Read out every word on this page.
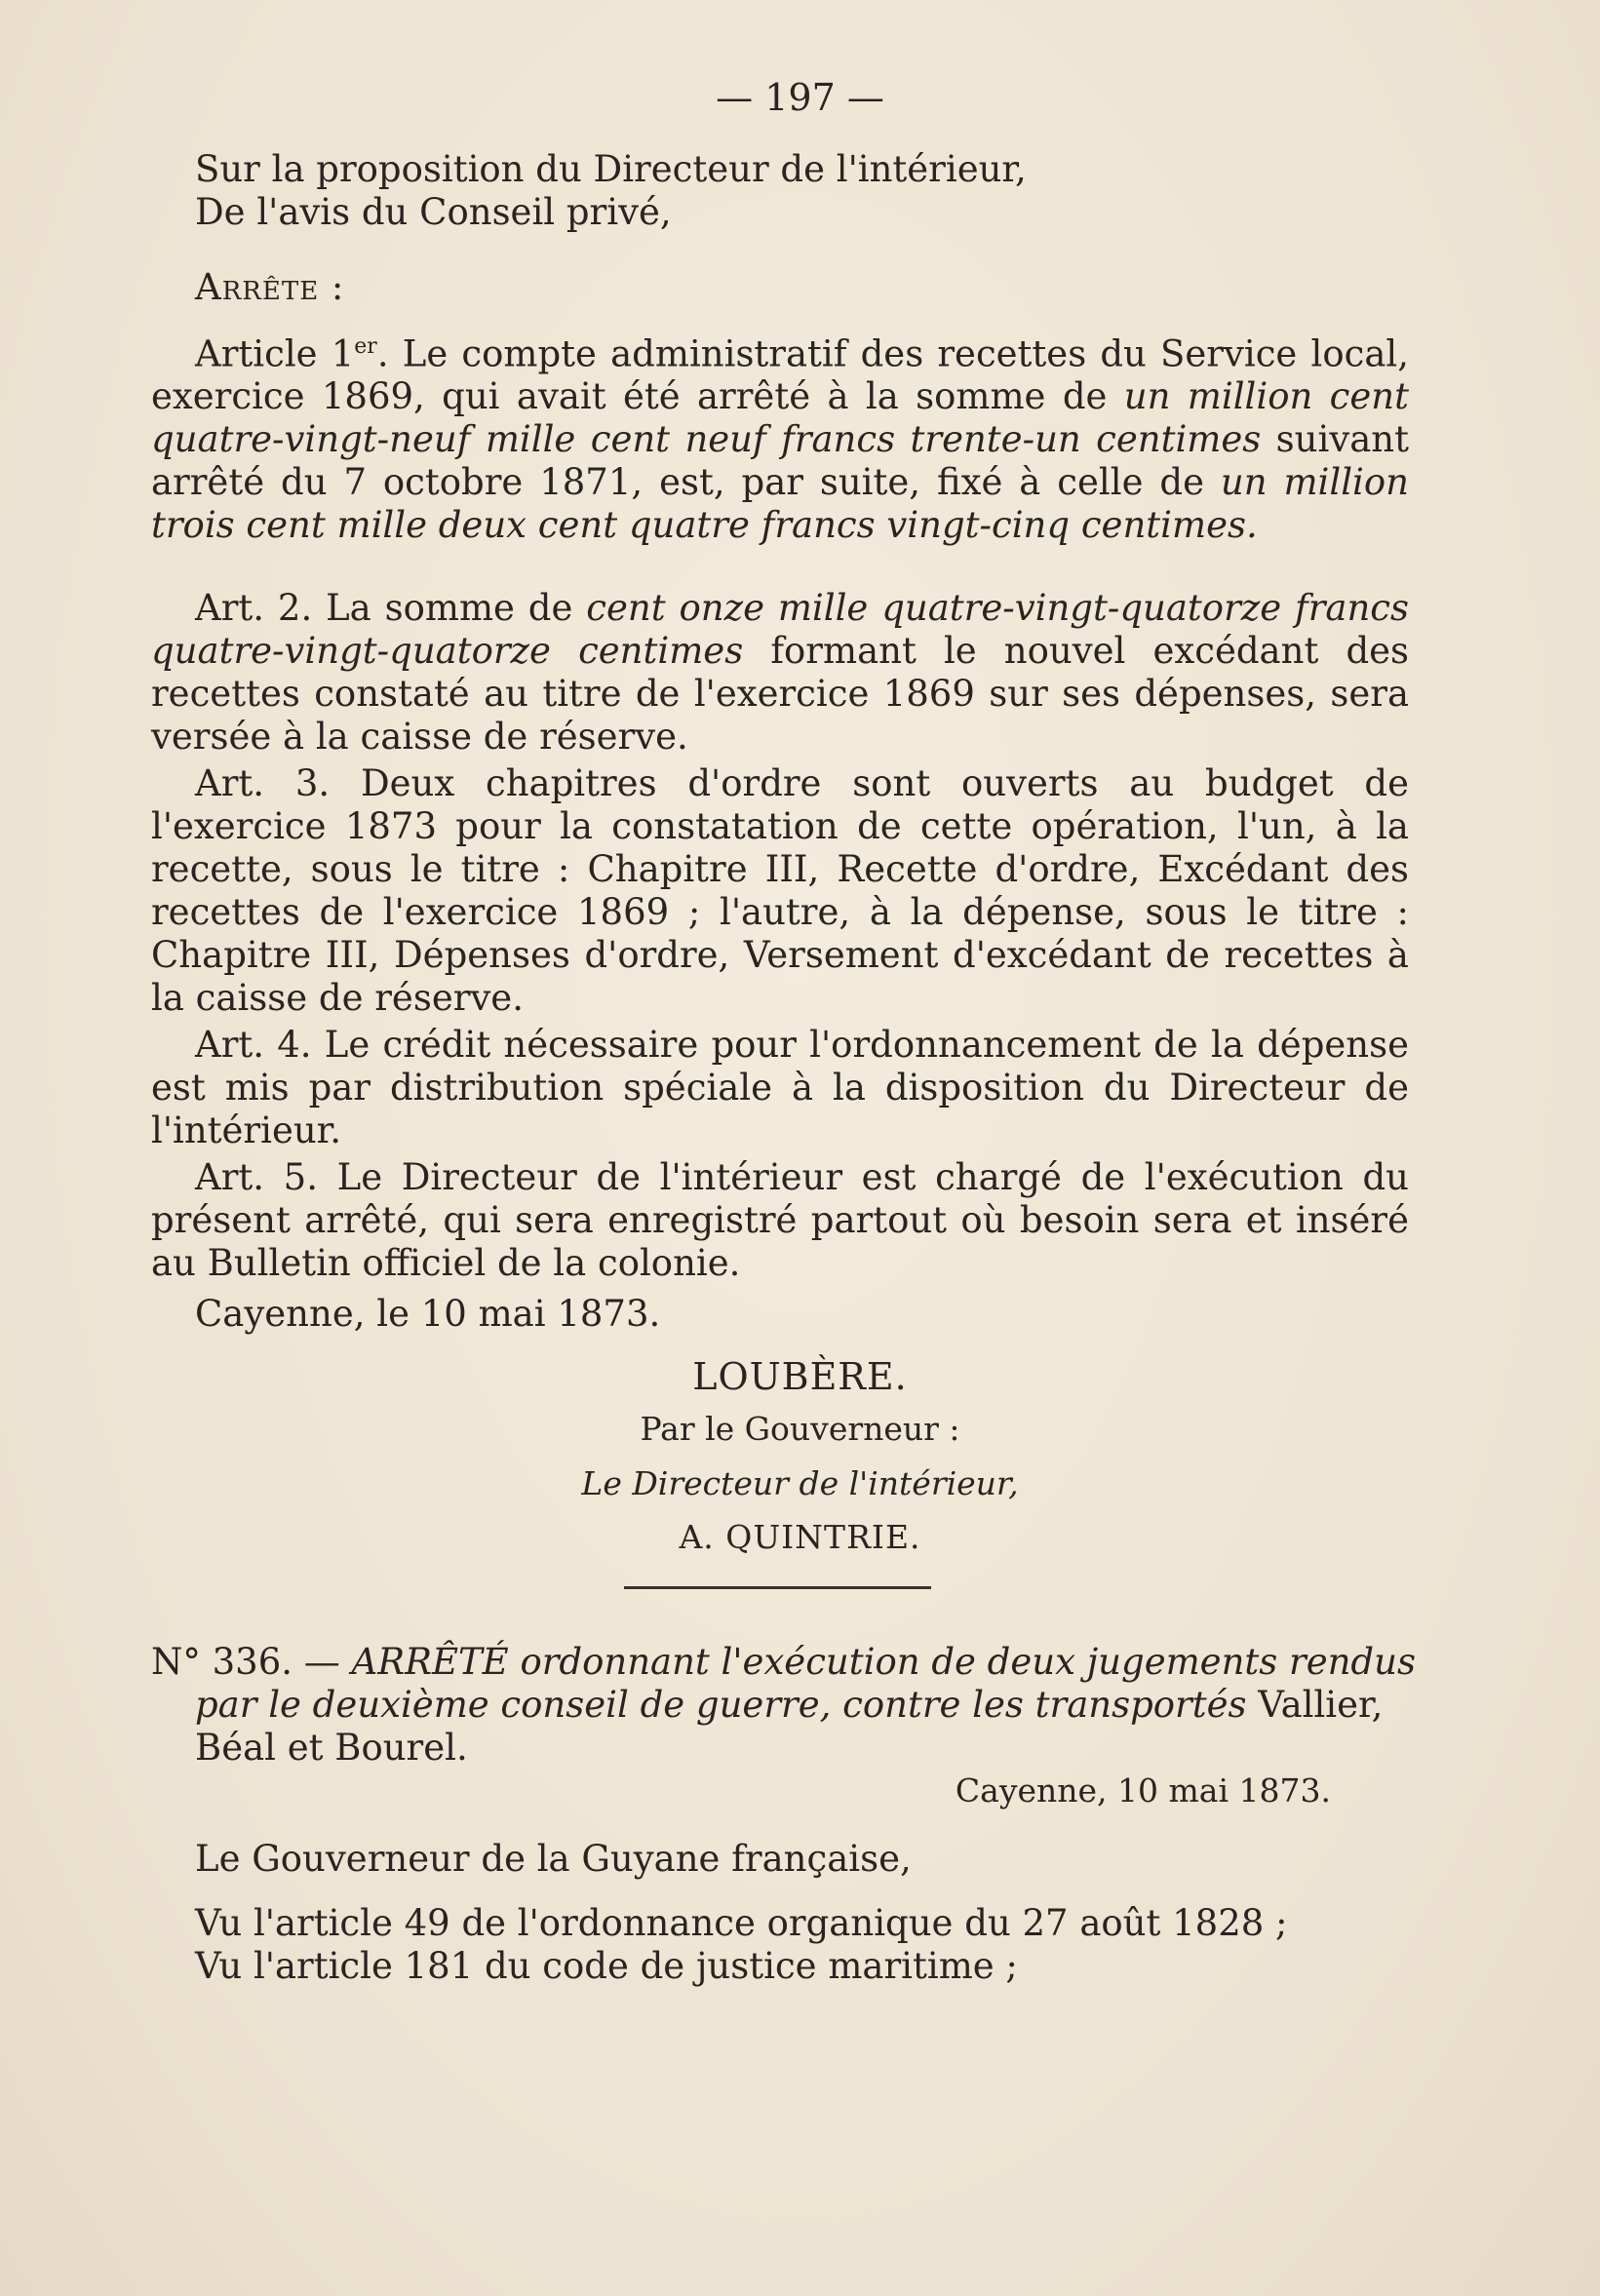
— 197 —
Sur la proposition du Directeur de l'intérieur,
De l'avis du Conseil privé,
Arrête :
Article 1er. Le compte administratif des recettes du Service local, exercice 1869, qui avait été arrêté à la somme de un million cent quatre-vingt-neuf mille cent neuf francs trente-un centimes suivant arrêté du 7 octobre 1871, est, par suite, fixé à celle de un million trois cent mille deux cent quatre francs vingt-cinq centimes.
Art. 2. La somme de cent onze mille quatre-vingt-quatorze francs quatre-vingt-quatorze centimes formant le nouvel excédant des recettes constaté au titre de l'exercice 1869 sur ses dépenses, sera versée à la caisse de réserve.
Art. 3. Deux chapitres d'ordre sont ouverts au budget de l'exercice 1873 pour la constatation de cette opération, l'un, à la recette, sous le titre : Chapitre III, Recette d'ordre, Excédant des recettes de l'exercice 1869 ; l'autre, à la dépense, sous le titre : Chapitre III, Dépenses d'ordre, Versement d'excédant de recettes à la caisse de réserve.
Art. 4. Le crédit nécessaire pour l'ordonnancement de la dépense est mis par distribution spéciale à la disposition du Directeur de l'intérieur.
Art. 5. Le Directeur de l'intérieur est chargé de l'exécution du présent arrêté, qui sera enregistré partout où besoin sera et inséré au Bulletin officiel de la colonie.
Cayenne, le 10 mai 1873.
LOUBÈRE.
Par le Gouverneur :
Le Directeur de l'intérieur,
A. QUINTRIE.
N° 336. — ARRÊTÉ ordonnant l'exécution de deux jugements rendus par le deuxième conseil de guerre, contre les transportés Vallier, Béal et Bourel.
Cayenne, 10 mai 1873.
Le Gouverneur de la Guyane française,
Vu l'article 49 de l'ordonnance organique du 27 août 1828 ;
Vu l'article 181 du code de justice maritime ;
